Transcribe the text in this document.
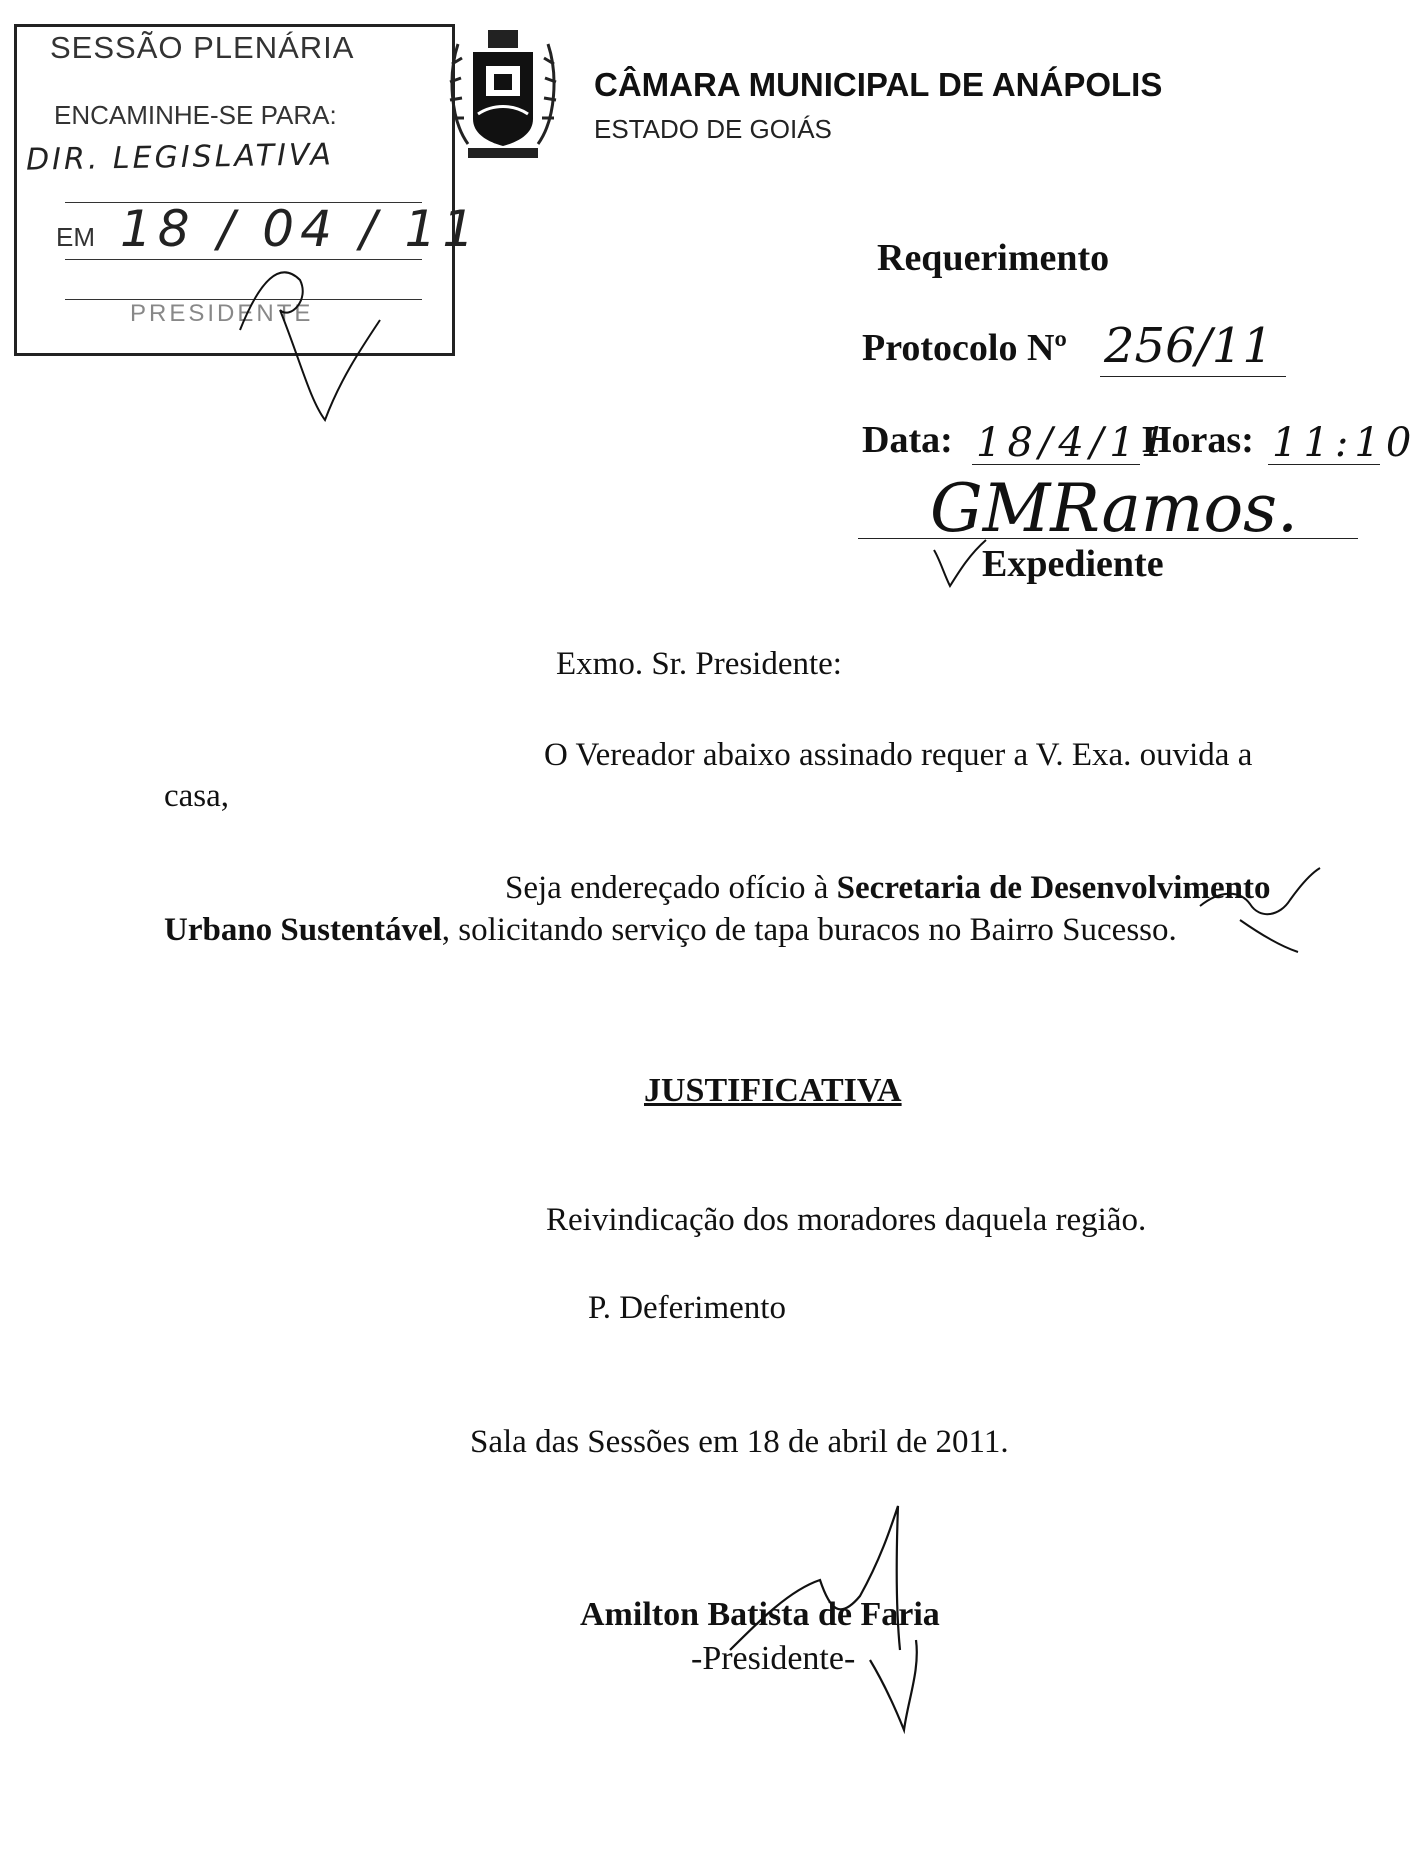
SESSÃO PLENÁRIA
ENCAMINHE-SE PARA:
DIR. LEGISLATIVA
EM 18 / 04 / 11
PRESIDENTE
CÂMARA MUNICIPAL DE ANÁPOLIS
ESTADO DE GOIÁS
Requerimento
Protocolo Nº 256/11
Data: 18/4/11
Horas: 11:10
GMRamos.
Expediente
Exmo. Sr. Presidente:
O Vereador abaixo assinado requer a V. Exa. ouvida a
casa,
Seja endereçado ofício à Secretaria de Desenvolvimento
Urbano Sustentável, solicitando serviço de tapa buracos no Bairro Sucesso.
JUSTIFICATIVA
Reivindicação dos moradores daquela região.
P. Deferimento
Sala das Sessões em 18 de abril de 2011.
Amilton Batista de Faria
-Presidente-
